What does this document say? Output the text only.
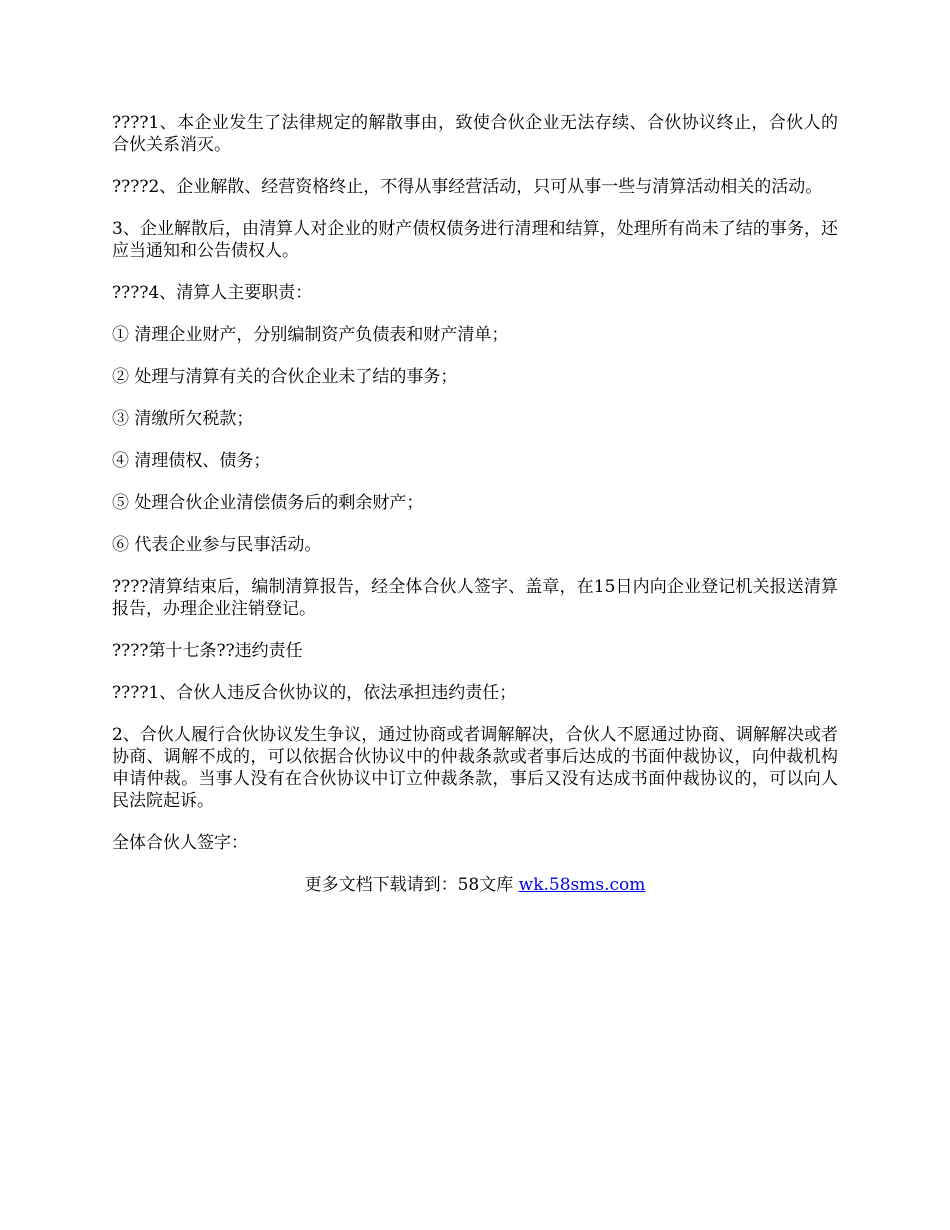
????1、本企业发生了法律规定的解散事由，致使合伙企业无法存续、合伙协议终止，合伙人的合伙关系消灭。

????2、企业解散、经营资格终止，不得从事经营活动，只可从事一些与清算活动相关的活动。

3、企业解散后，由清算人对企业的财产债权债务进行清理和结算，处理所有尚未了结的事务，还应当通知和公告债权人。

????4、清算人主要职责：

① 清理企业财产，分别编制资产负债表和财产清单；

② 处理与清算有关的合伙企业未了结的事务；

③ 清缴所欠税款；

④ 清理债权、债务；

⑤ 处理合伙企业清偿债务后的剩余财产；

⑥ 代表企业参与民事活动。

????清算结束后，编制清算报告，经全体合伙人签字、盖章，在15日内向企业登记机关报送清算报告，办理企业注销登记。

????第十七条??违约责任

????1、合伙人违反合伙协议的，依法承担违约责任；

2、合伙人履行合伙协议发生争议，通过协商或者调解解决，合伙人不愿通过协商、调解解决或者协商、调解不成的，可以依据合伙协议中的仲裁条款或者事后达成的书面仲裁协议，向仲裁机构申请仲裁。当事人没有在合伙协议中订立仲裁条款，事后又没有达成书面仲裁协议的，可以向人民法院起诉。

全体合伙人签字：

更多文档下载请到：58文库 wk.58sms.com
